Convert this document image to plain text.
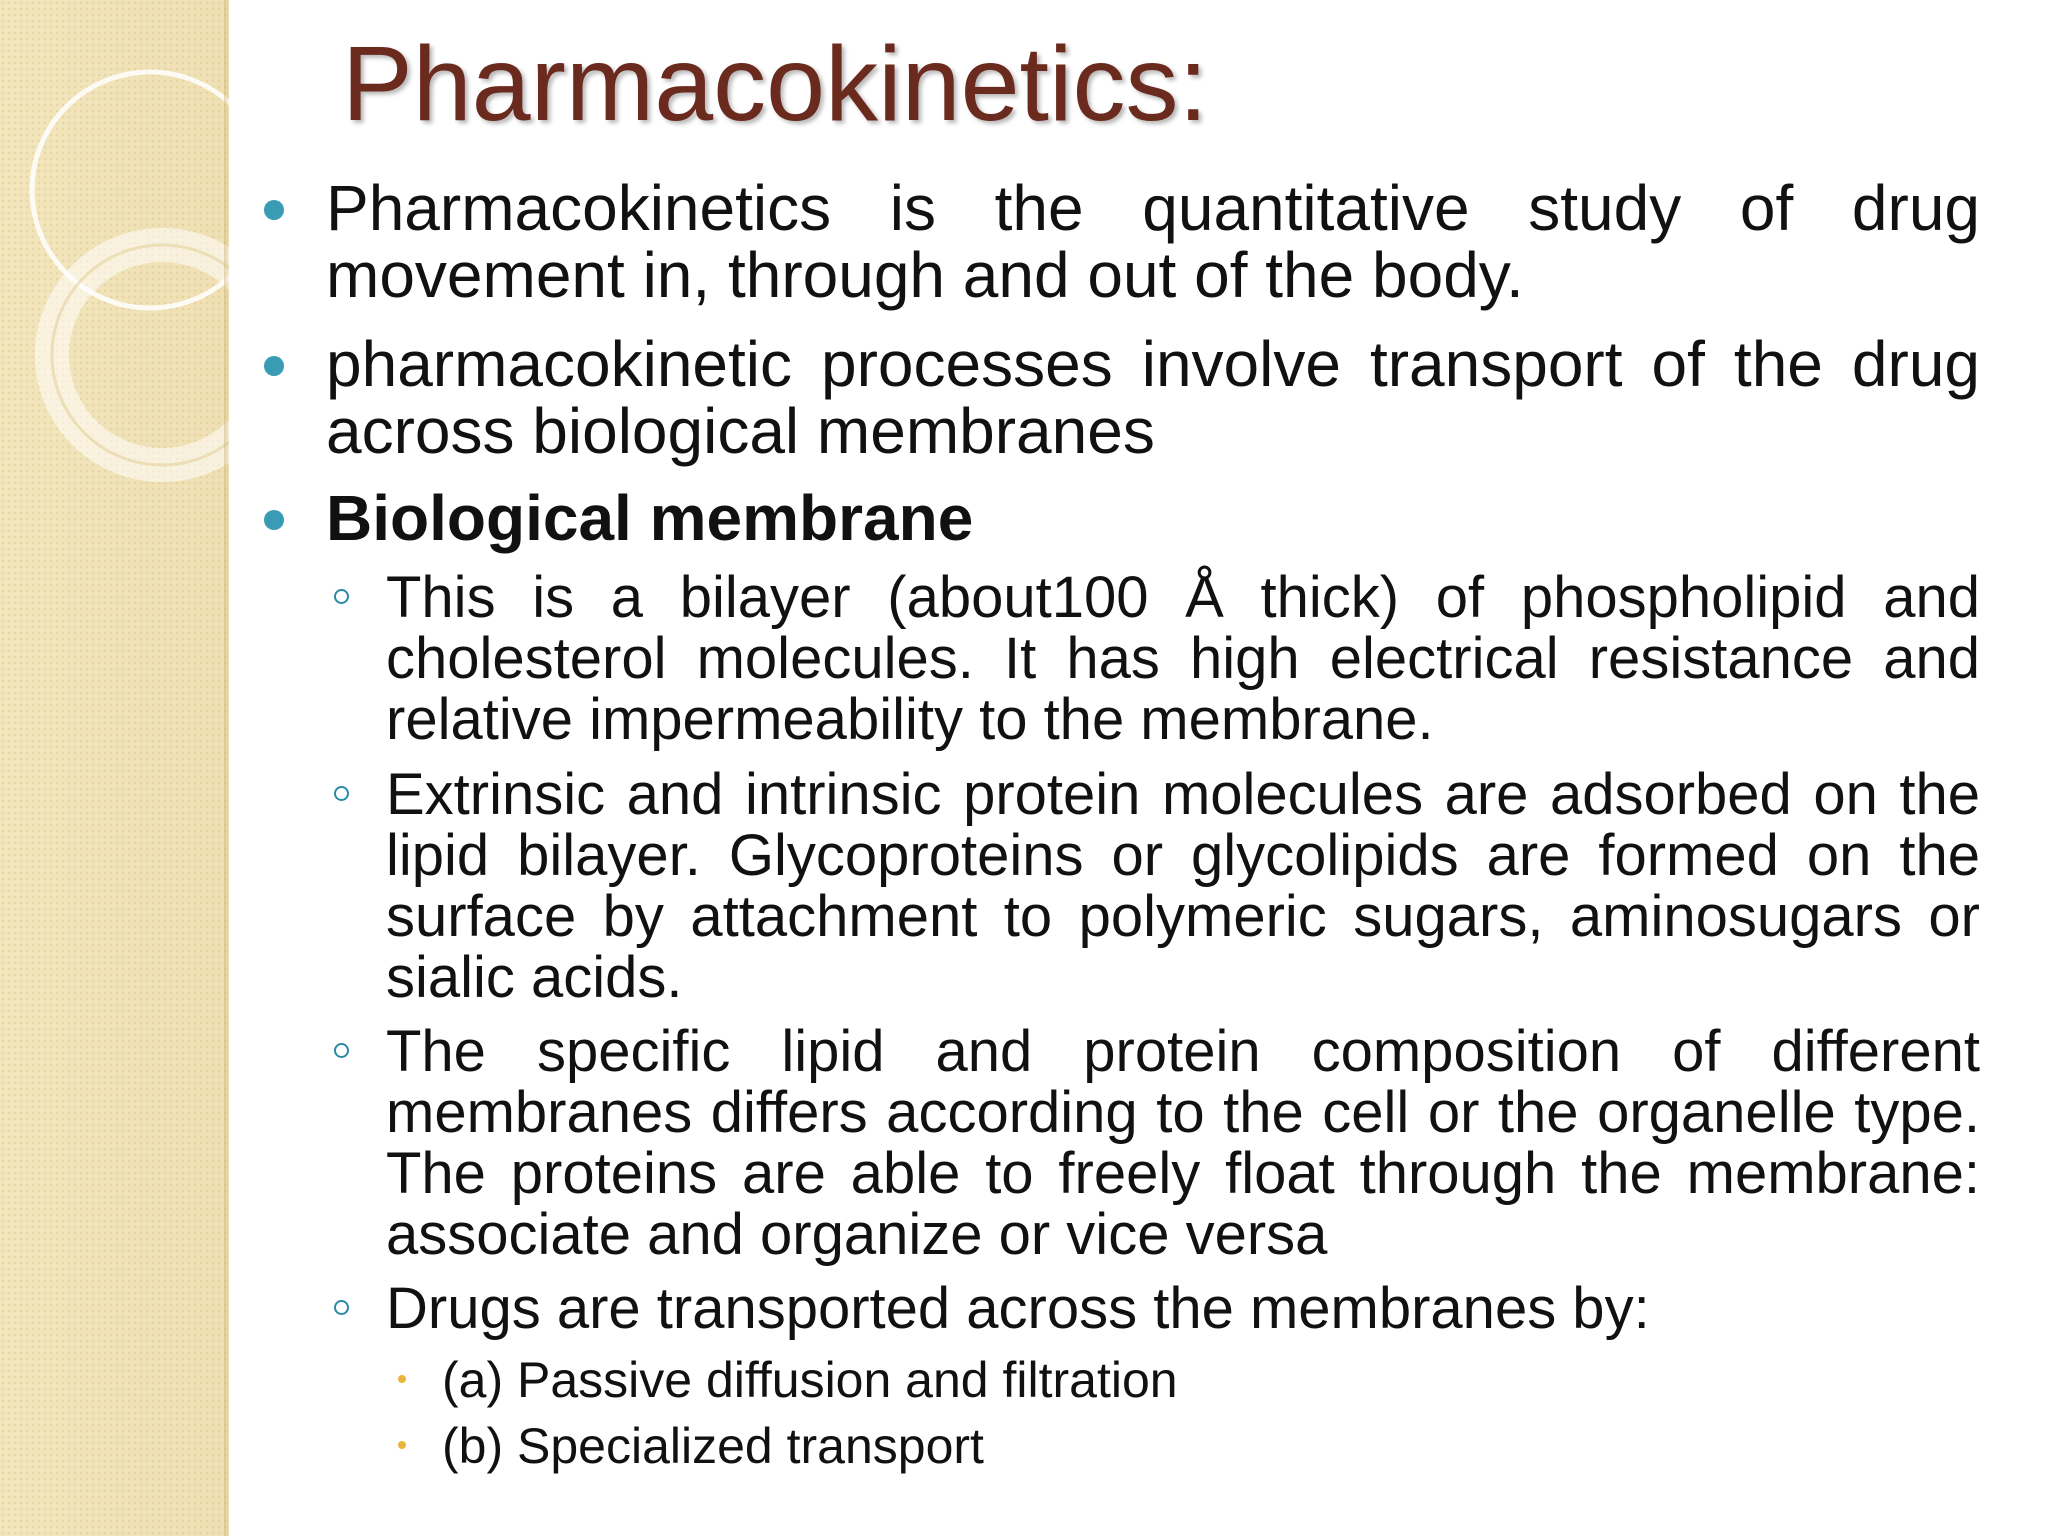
Pharmacokinetics:
Pharmacokinetics is the quantitative study of drug movement in, through and out of the body.
pharmacokinetic processes involve transport of the drug across biological membranes
Biological membrane
This is a bilayer (about100 Å thick) of phospholipid and cholesterol molecules. It has high electrical resistance and relative impermeability to the membrane.
Extrinsic and intrinsic protein molecules are adsorbed on the lipid bilayer. Glycoproteins or glycolipids are formed on the surface by attachment to polymeric sugars, aminosugars or sialic acids.
The specific lipid and protein composition of different membranes differs according to the cell or the organelle type. The proteins are able to freely float through the membrane: associate and organize or vice versa
Drugs are transported across the membranes by:
(a) Passive diffusion and filtration
(b) Specialized transport
